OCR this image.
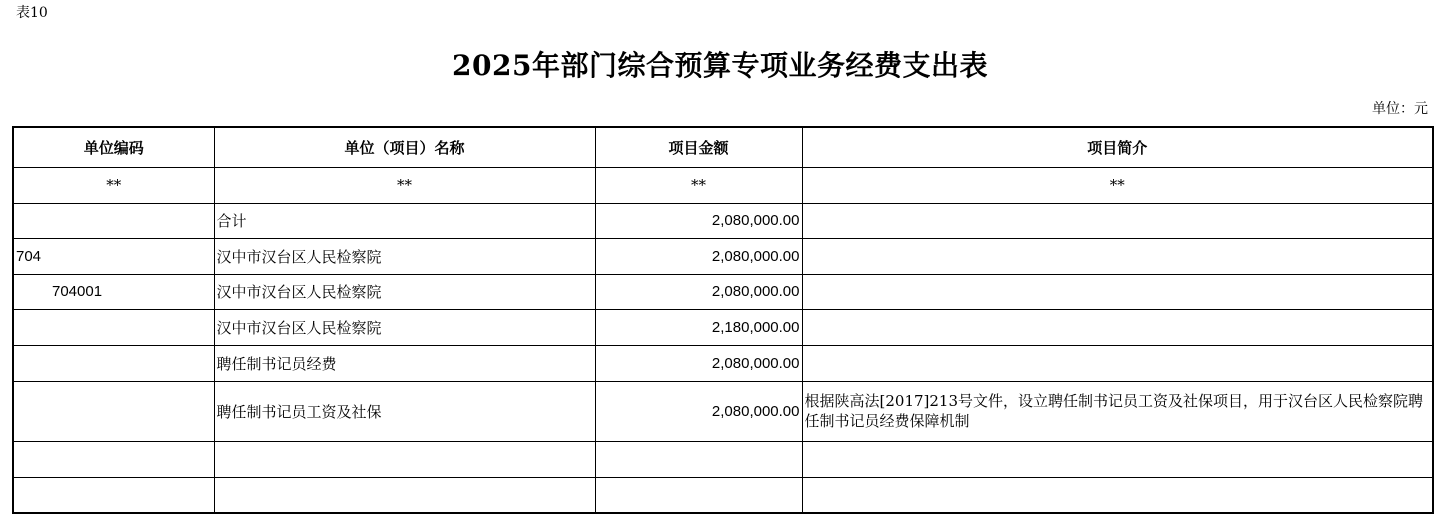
表10
2025年部门综合预算专项业务经费支出表
单位：元
单位编码	单位（项目）名称	项目金额	项目简介
**	**	**	**
	合计	2,080,000.00	
704	汉中市汉台区人民检察院	2,080,000.00	
704001	汉中市汉台区人民检察院	2,080,000.00	
	汉中市汉台区人民检察院	2,180,000.00	
	聘任制书记员经费	2,080,000.00	
	聘任制书记员工资及社保	2,080,000.00	根据陕高法[2017]213号文件，设立聘任制书记员工资及社保项目，用于汉台区人民检察院聘任制书记员经费保障机制
